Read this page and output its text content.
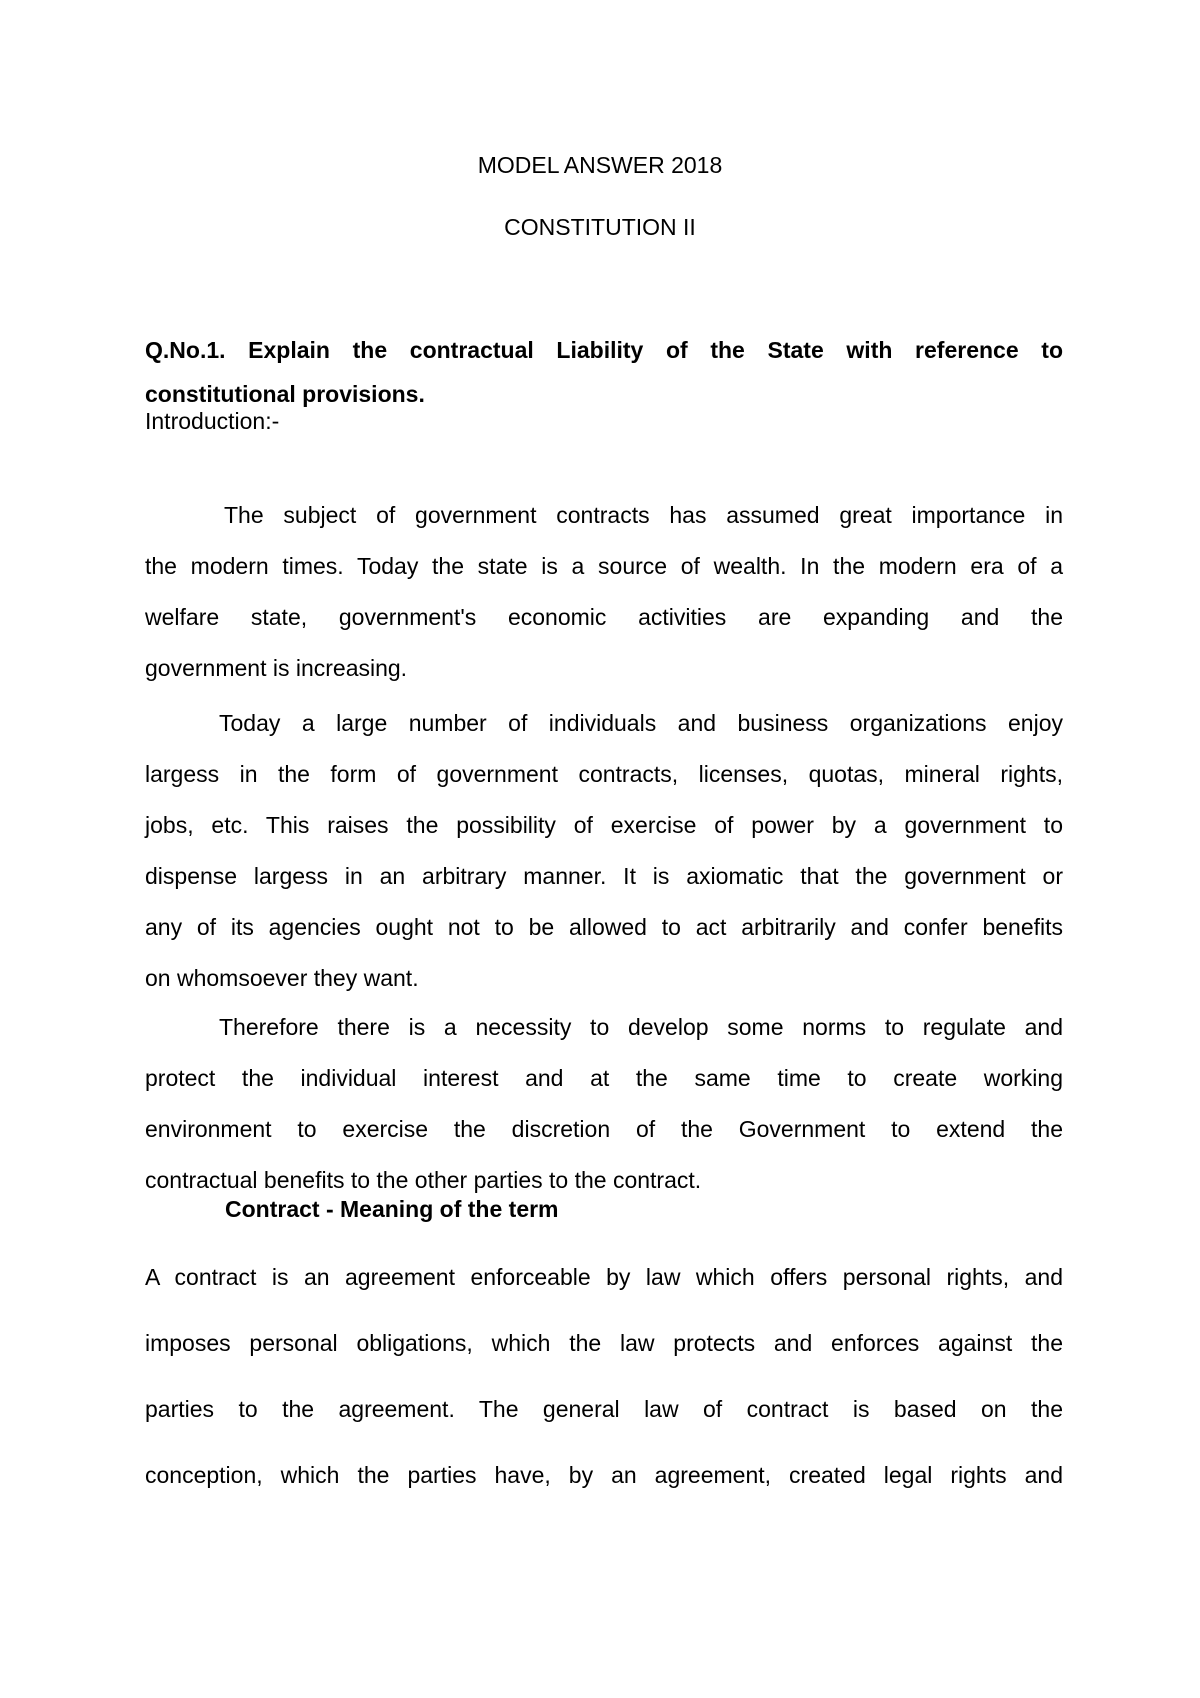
MODEL ANSWER 2018
CONSTITUTION II
Q.No.1. Explain the contractual Liability of the State with reference to
constitutional provisions.
Introduction:-
The subject of government contracts has assumed great importance in
the modern times. Today the state is a source of wealth. In the modern era of a
welfare state, government's economic activities are expanding and the
government is increasing.
Today a large number of individuals and business organizations enjoy
largess in the form of government contracts, licenses, quotas, mineral rights,
jobs, etc. This raises the possibility of exercise of power by a government to
dispense largess in an arbitrary manner. It is axiomatic that the government or
any of its agencies ought not to be allowed to act arbitrarily and confer benefits
on whomsoever they want.
Therefore there is a necessity to develop some norms to regulate and
protect the individual interest and at the same time to create working
environment to exercise the discretion of the Government to extend the
contractual benefits to the other parties to the contract.
Contract - Meaning of the term
A contract is an agreement enforceable by law which offers personal rights, and
imposes personal obligations, which the law protects and enforces against the
parties to the agreement. The general law of contract is based on the
conception, which the parties have, by an agreement, created legal rights and
